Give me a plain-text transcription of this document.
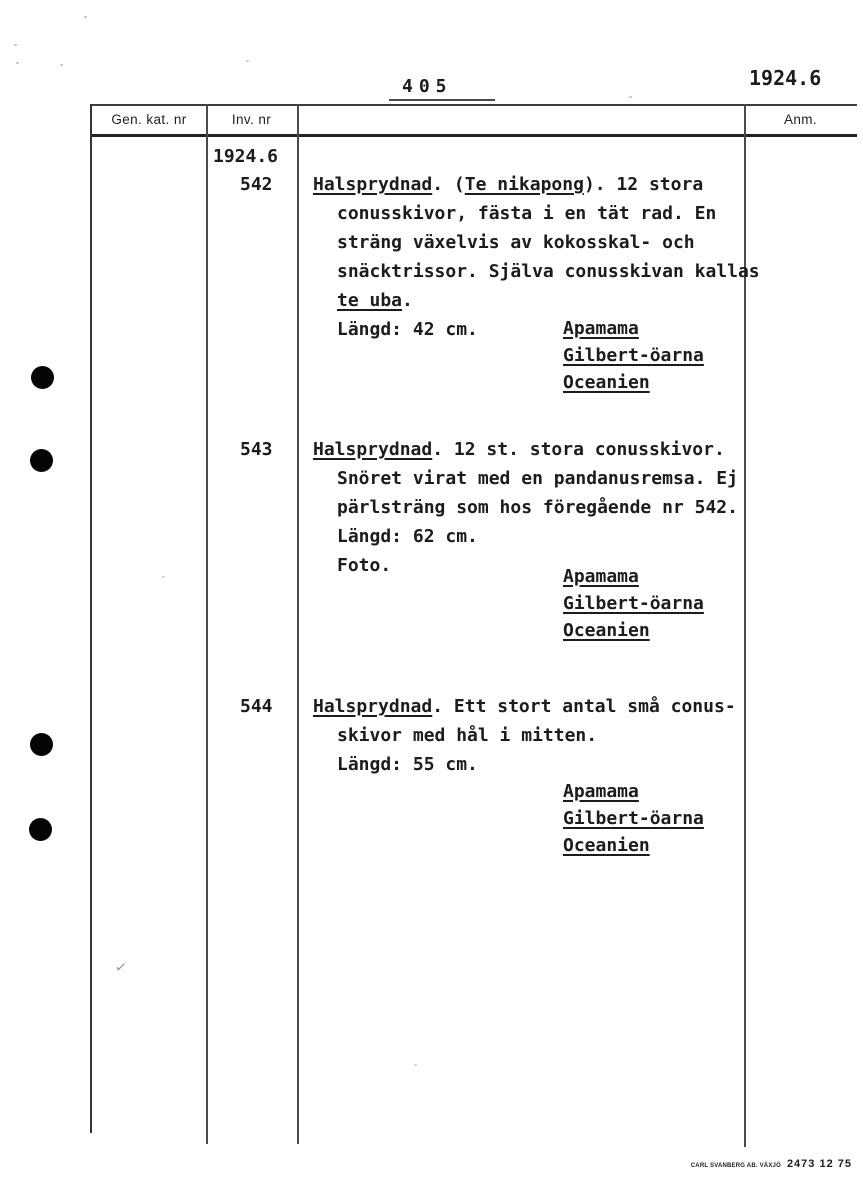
405	1924.6
Gen. kat. nr	Inv. nr	Anm.
1924.6
542 Halsprydnad. (Te nikapong). 12 stora
conusskivor, fästa i en tät rad. En
sträng växelvis av kokosskal- och
snäcktrissor. Själva conusskivan kallas
te uba.
Längd: 42 cm.	Apamama
Gilbert-öarna
Oceanien
543 Halsprydnad. 12 st. stora conusskivor.
Snöret virat med en pandanusremsa. Ej
pärlsträng som hos föregående nr 542.
Längd: 62 cm.
Foto.
Apamama
Gilbert-öarna
Oceanien
544 Halsprydnad. Ett stort antal små conus-
skivor med hål i mitten.
Längd: 55 cm.
Apamama
Gilbert-öarna
Oceanien
✓
CARL SVANBERG AB. VÄXJÖ 2473 12 75
